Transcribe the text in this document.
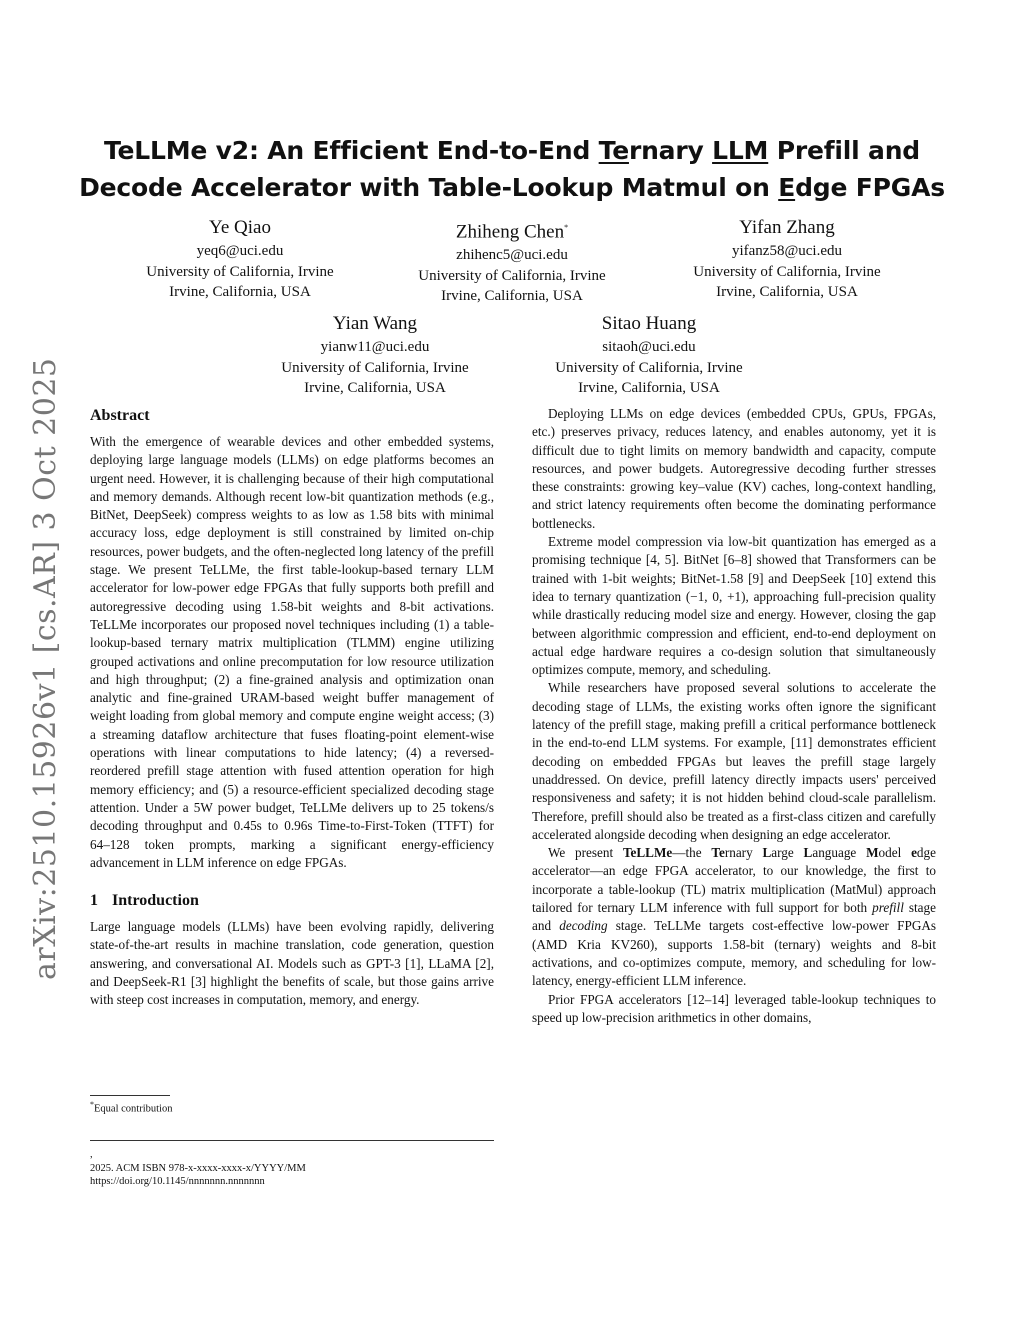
arXiv:2510.15926v1 [cs.AR] 3 Oct 2025
TeLLMe v2: An Efficient End-to-End Ternary LLM Prefill and Decode Accelerator with Table-Lookup Matmul on Edge FPGAs
Ye Qiao
yeq6@uci.edu
University of California, Irvine
Irvine, California, USA
Zhiheng Chen*
zhihenc5@uci.edu
University of California, Irvine
Irvine, California, USA
Yifan Zhang
yifanz58@uci.edu
University of California, Irvine
Irvine, California, USA
Yian Wang
yianw11@uci.edu
University of California, Irvine
Irvine, California, USA
Sitao Huang
sitaoh@uci.edu
University of California, Irvine
Irvine, California, USA
Abstract

With the emergence of wearable devices and other embedded systems, deploying large language models (LLMs) on edge platforms becomes an urgent need. However, it is challenging because of their high computational and memory demands. Although recent low-bit quantization methods (e.g., BitNet, DeepSeek) compress weights to as low as 1.58 bits with minimal accuracy loss, edge deployment is still constrained by limited on-chip resources, power budgets, and the often-neglected long latency of the prefill stage. We present TeLLMe, the first table-lookup-based ternary LLM accelerator for low-power edge FPGAs that fully supports both prefill and autoregressive decoding using 1.58-bit weights and 8-bit activations. TeLLMe incorporates our proposed novel techniques including (1) a table-lookup-based ternary matrix multiplication (TLMM) engine utilizing grouped activations and online precomputation for low resource utilization and high throughput; (2) a fine-grained analysis and optimization onan analytic and fine-grained URAM-based weight buffer management of weight loading from global memory and compute engine weight access; (3) a streaming dataflow architecture that fuses floating-point element-wise operations with linear computations to hide latency; (4) a reversed-reordered prefill stage attention with fused attention operation for high memory efficiency; and (5) a resource-efficient specialized decoding stage attention. Under a 5W power budget, TeLLMe delivers up to 25 tokens/s decoding throughput and 0.45s to 0.96s Time-to-First-Token (TTFT) for 64–128 token prompts, marking a significant energy-efficiency advancement in LLM inference on edge FPGAs.

1 Introduction

Large language models (LLMs) have been evolving rapidly, delivering state-of-the-art results in machine translation, code generation, question answering, and conversational AI. Models such as GPT-3 [1], LLaMA [2], and DeepSeek-R1 [3] highlight the benefits of scale, but those gains arrive with steep cost increases in computation, memory, and energy.

Deploying LLMs on edge devices (embedded CPUs, GPUs, FPGAs, etc.) preserves privacy, reduces latency, and enables autonomy, yet it is difficult due to tight limits on memory bandwidth and capacity, compute resources, and power budgets. Autoregressive decoding further stresses these constraints: growing key–value (KV) caches, long-context handling, and strict latency requirements often become the dominating performance bottlenecks.

Extreme model compression via low-bit quantization has emerged as a promising technique [4, 5]. BitNet [6–8] showed that Transformers can be trained with 1-bit weights; BitNet-1.58 [9] and DeepSeek [10] extend this idea to ternary quantization (−1, 0, +1), approaching full-precision quality while drastically reducing model size and energy. However, closing the gap between algorithmic compression and efficient, end-to-end deployment on actual edge hardware requires a co-design solution that simultaneously optimizes compute, memory, and scheduling.

While researchers have proposed several solutions to accelerate the decoding stage of LLMs, the existing works often ignore the significant latency of the prefill stage, making prefill a critical performance bottleneck in the end-to-end LLM systems. For example, [11] demonstrates efficient decoding on embedded FPGAs but leaves the prefill stage largely unaddressed. On device, prefill latency directly impacts users' perceived responsiveness and safety; it is not hidden behind cloud-scale parallelism. Therefore, prefill should also be treated as a first-class citizen and carefully accelerated alongside decoding when designing an edge accelerator.

We present TeLLMe—the Ternary Large Language Model edge accelerator—an edge FPGA accelerator, to our knowledge, the first to incorporate a table-lookup (TL) matrix multiplication (MatMul) approach tailored for ternary LLM inference with full support for both prefill stage and decoding stage. TeLLMe targets cost-effective low-power FPGAs (AMD Kria KV260), supports 1.58-bit (ternary) weights and 8-bit activations, and co-optimizes compute, memory, and scheduling for low-latency, energy-efficient LLM inference.

Prior FPGA accelerators [12–14] leveraged table-lookup techniques to speed up low-precision arithmetics in other domains,

*Equal contribution
,
2025. ACM ISBN 978-x-xxxx-xxxx-x/YYYY/MM
https://doi.org/10.1145/nnnnnnn.nnnnnnn
